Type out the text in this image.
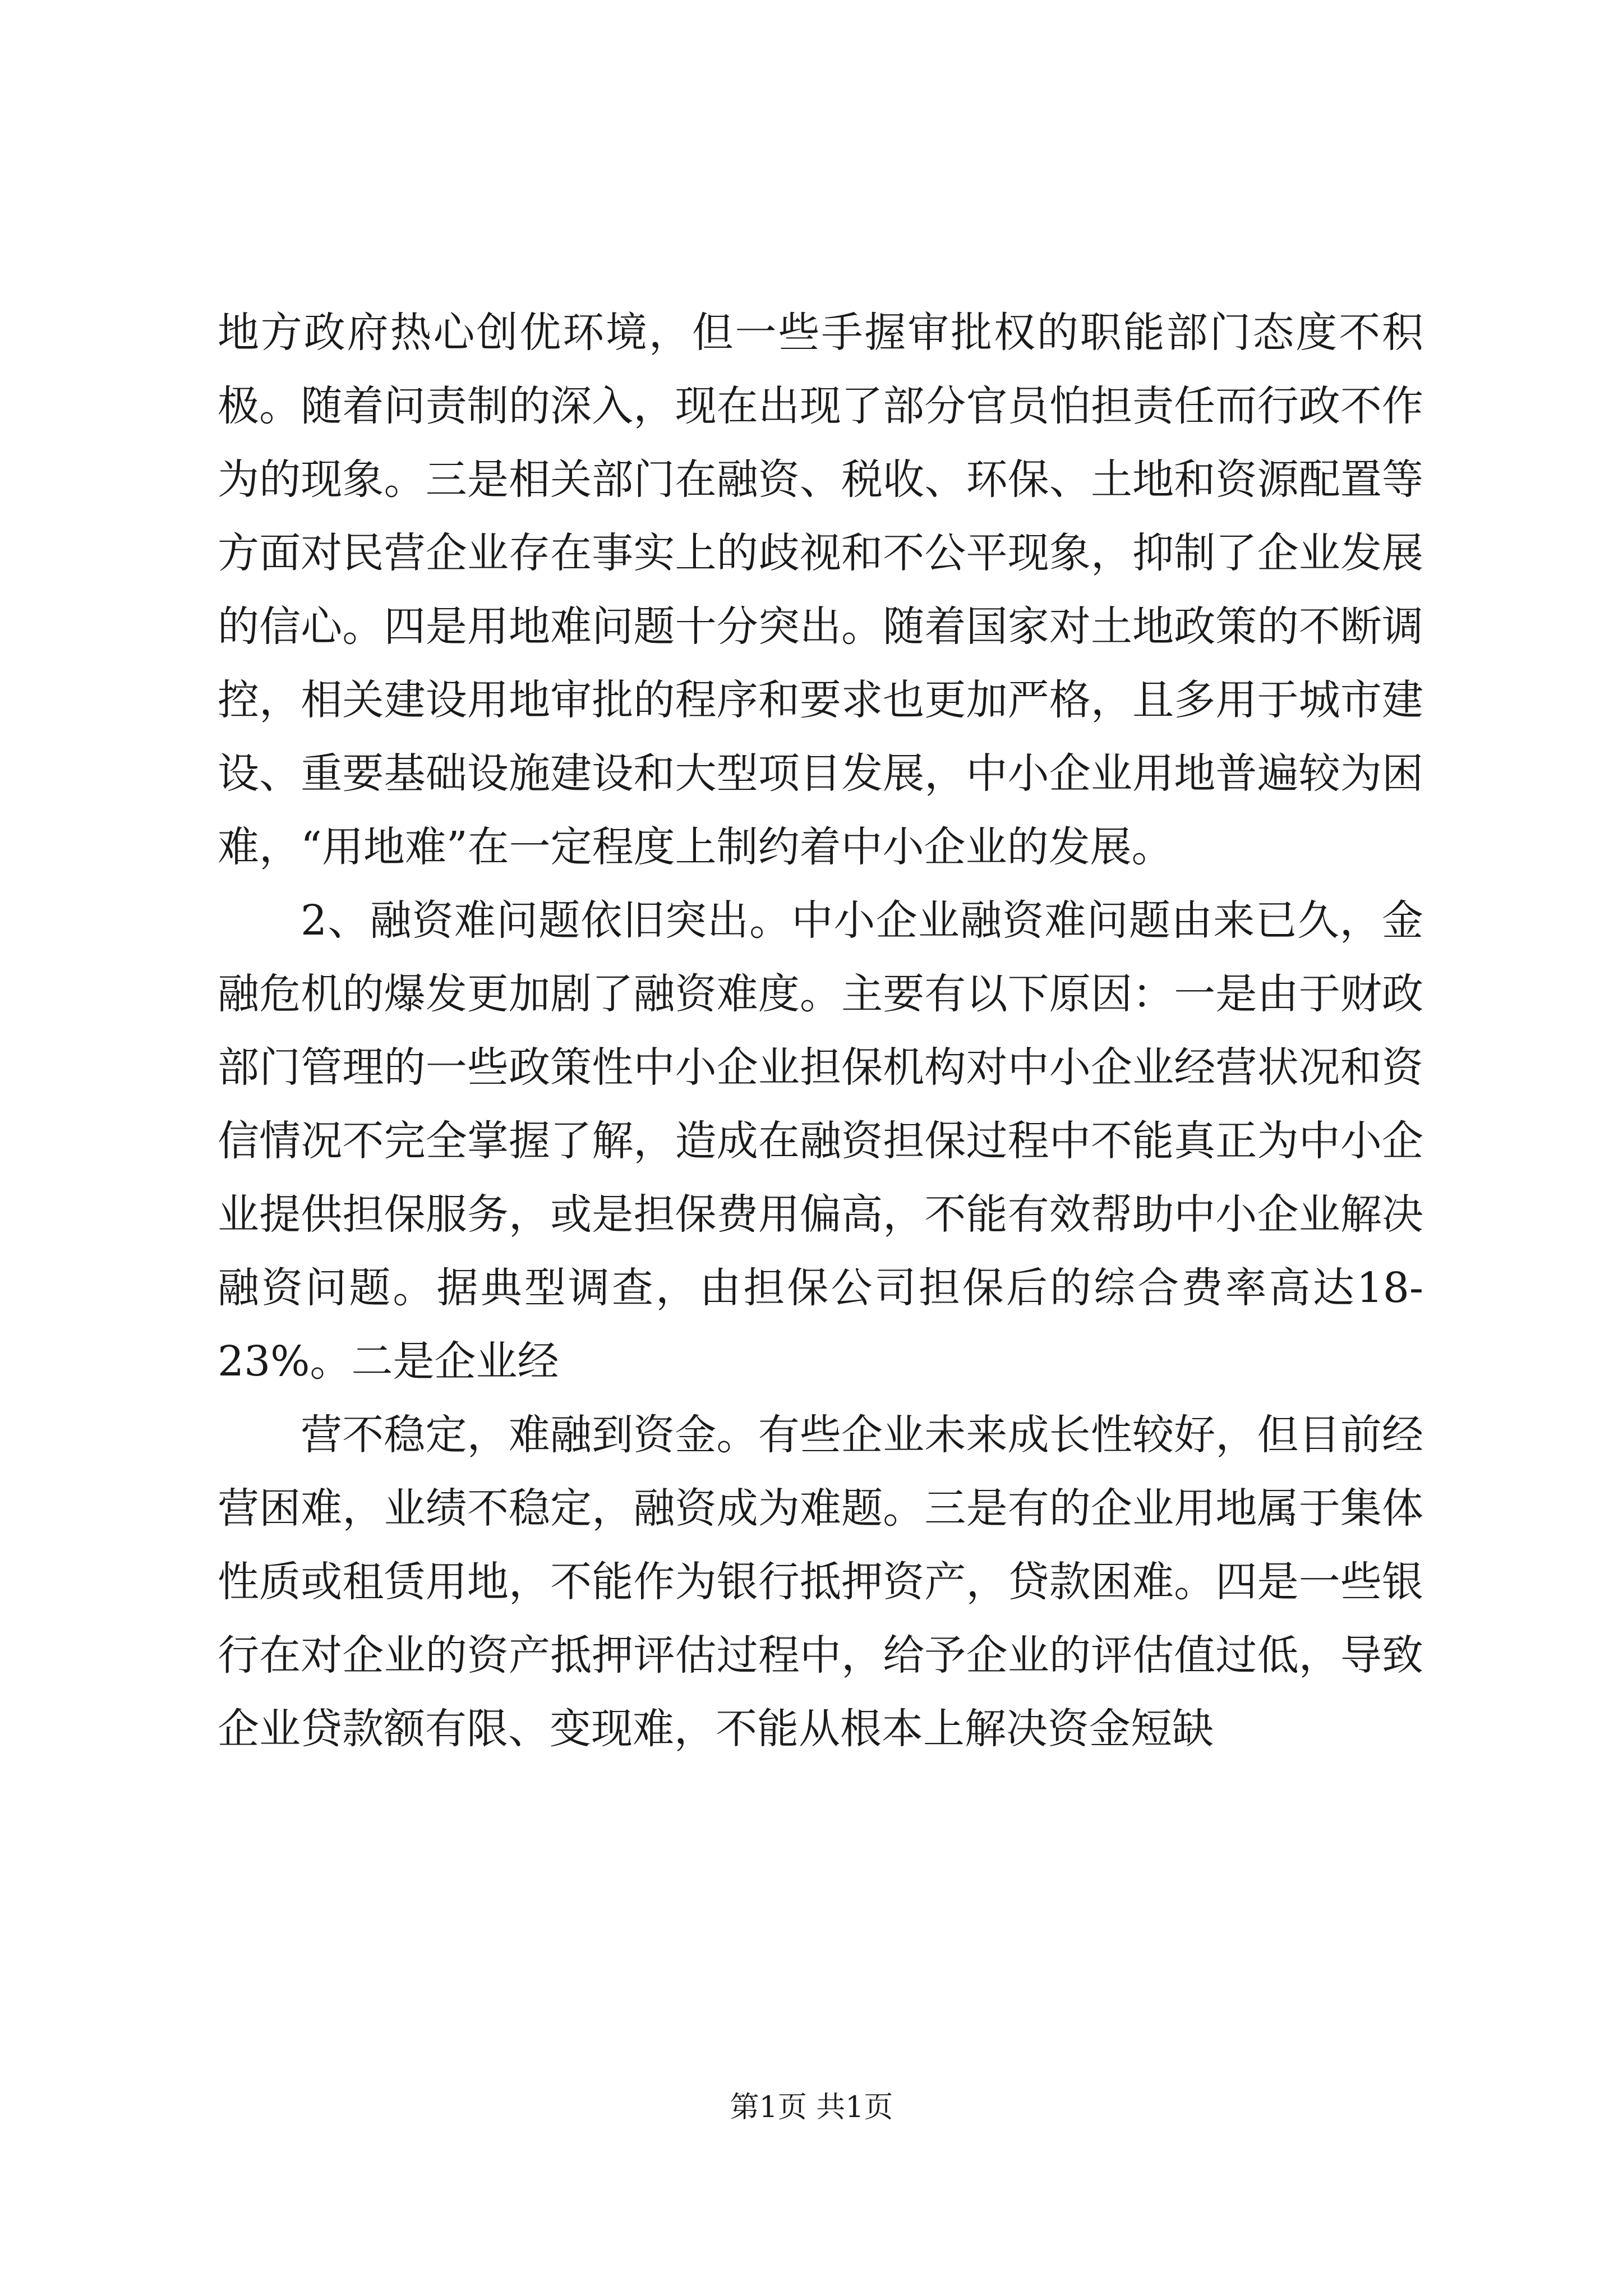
地方政府热心创优环境，但一些手握审批权的职能部门态度不积极。随着问责制的深入，现在出现了部分官员怕担责任而行政不作为的现象。三是相关部门在融资、税收、环保、土地和资源配置等方面对民营企业存在事实上的歧视和不公平现象，抑制了企业发展的信心。四是用地难问题十分突出。随着国家对土地政策的不断调控，相关建设用地审批的程序和要求也更加严格，且多用于城市建设、重要基础设施建设和大型项目发展，中小企业用地普遍较为困难，“用地难”在一定程度上制约着中小企业的发展。

2、融资难问题依旧突出。中小企业融资难问题由来已久，金融危机的爆发更加剧了融资难度。主要有以下原因：一是由于财政部门管理的一些政策性中小企业担保机构对中小企业经营状况和资信情况不完全掌握了解，造成在融资担保过程中不能真正为中小企业提供担保服务，或是担保费用偏高，不能有效帮助中小企业解决融资问题。据典型调查，由担保公司担保后的综合费率高达18-23%。二是企业经

营不稳定，难融到资金。有些企业未来成长性较好，但目前经营困难，业绩不稳定，融资成为难题。三是有的企业用地属于集体性质或租赁用地，不能作为银行抵押资产，贷款困难。四是一些银行在对企业的资产抵押评估过程中，给予企业的评估值过低，导致企业贷款额有限、变现难，不能从根本上解决资金短缺

第1页 共1页
